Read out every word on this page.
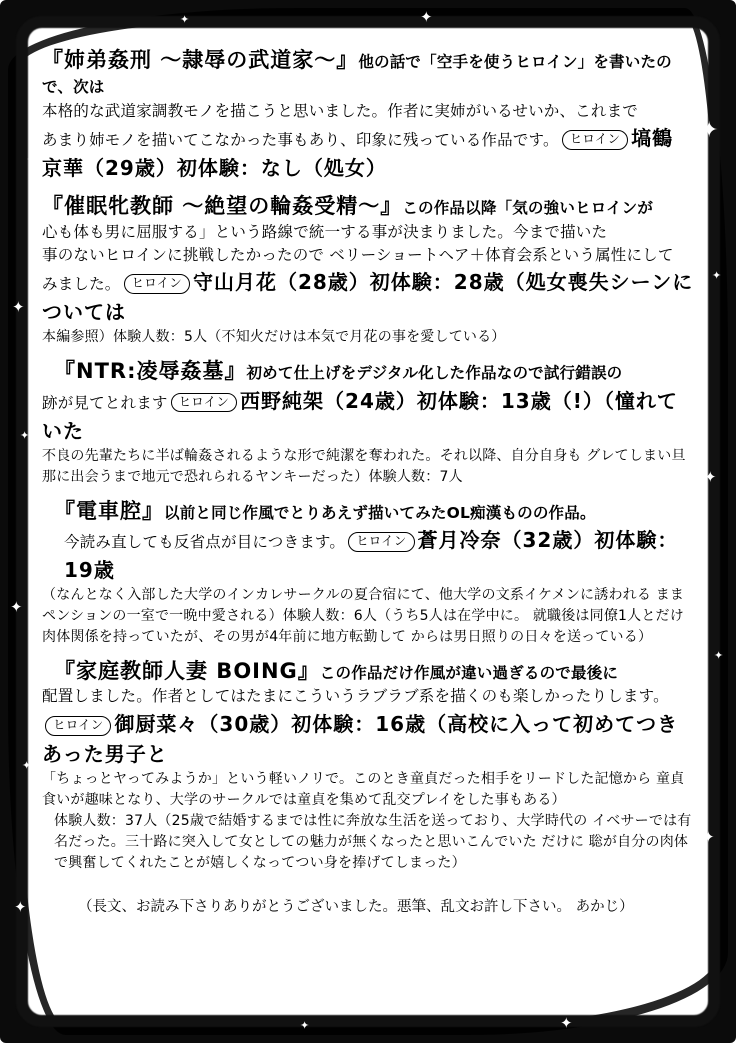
✦
✦
✦
✦
✦
✦
✦
✦
✦
✦
✦
✦	✦
✦	✦
『姉弟姦刑 ～隷辱の武道家～』他の話で「空手を使うヒロイン」を書いたので、次は
本格的な武道家調教モノを描こうと思いました。作者に実姉がいるせいか、これまで
あまり姉モノを描いてこなかった事もあり、印象に残っている作品です。 ヒロイン 塙鶴
京華（29歳）初体験：なし（処女）
『催眠牝教師 ～絶望の輪姦受精～』この作品以降「気の強いヒロインが
心も体も男に屈服する」という路線で統一する事が決まりました。今まで描いた
事のないヒロインに挑戦したかったので ベリーショートヘア＋体育会系という属性にして
みました。 ヒロイン 守山月花（28歳）初体験：28歳（処女喪失シーンについては
本編参照）体験人数：5人（不知火だけは本気で月花の事を愛している）
『NTR:凌辱姦墓』初めて仕上げをデジタル化した作品なので試行錯誤の
跡が見てとれます ヒロイン 西野純架（24歳）初体験：13歳（!）（憧れていた
不良の先輩たちに半ば輪姦されるような形で純潔を奪われた。それ以降、自分自身も グレてしまい旦那に出会うまで地元で恐れられるヤンキーだった）体験人数：7人
『電車腔』以前と同じ作風でとりあえず描いてみたOL痴漢ものの作品。
今読み直しても反省点が目につきます。 ヒロイン 蒼月冷奈（32歳）初体験：19歳
（なんとなく入部した大学のインカレサークルの夏合宿にて、他大学の文系イケメンに誘われる まま ペンションの一室で一晩中愛される）体験人数：6人（うち5人は在学中に。 就職後は同僚1人とだけ肉体関係を持っていたが、その男が4年前に地方転勤して からは男日照りの日々を送っている）
『家庭教師人妻 BOING』この作品だけ作風が違い過ぎるので最後に
配置しました。作者としてはたまにこういうラブラブ系を描くのも楽しかったりします。
ヒロイン 御厨菜々（30歳）初体験：16歳（高校に入って初めてつきあった男子と
「ちょっとヤってみようか」という軽いノリで。このとき童貞だった相手をリードした記憶から 童貞食いが趣味となり、大学のサークルでは童貞を集めて乱交プレイをした事もある）
体験人数：37人（25歳で結婚するまでは性に奔放な生活を送っており、大学時代の イベサーでは有名だった。三十路に突入して女としての魅力が無くなったと思いこんでいた だけに 聡が自分の肉体で興奮してくれたことが嬉しくなってつい身を捧げてしまった）
（長文、お読み下さりありがとうございました。悪筆、乱文お許し下さい。 あかじ）
